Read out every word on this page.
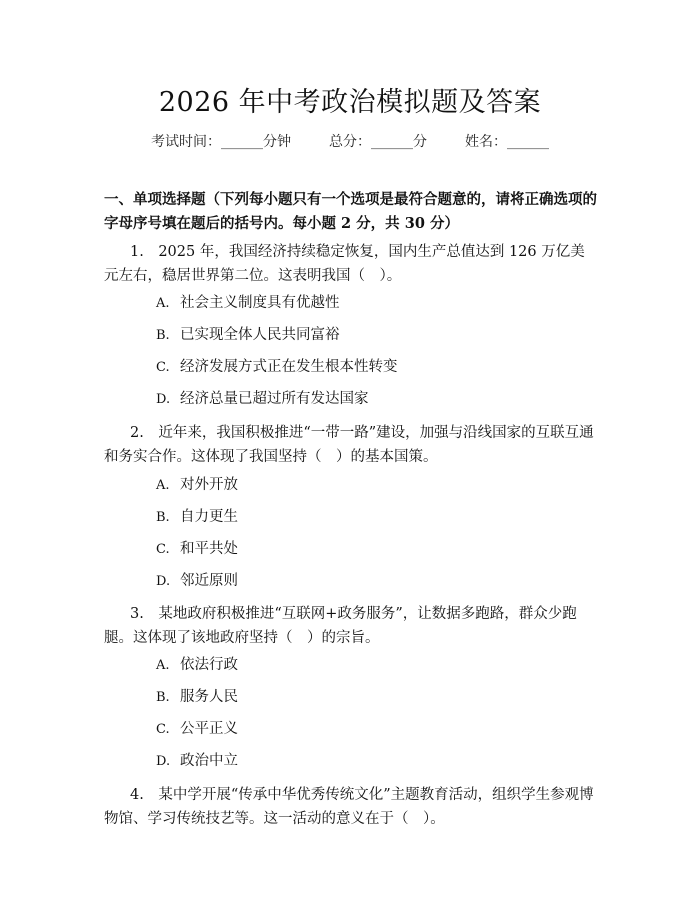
2026 年中考政治模拟题及答案
考试时间：______分钟	总分：______分	姓名：______
一、单项选择题（下列每小题只有一个选项是最符合题意的，请将正确选项的字母序号填在题后的括号内。每小题 2 分，共 30 分）
1.　2025 年，我国经济持续稳定恢复，国内生产总值达到 126 万亿美元左右，稳居世界第二位。这表明我国（　）。
A. 社会主义制度具有优越性
B. 已实现全体人民共同富裕
C. 经济发展方式正在发生根本性转变
D. 经济总量已超过所有发达国家
2.　近年来，我国积极推进“一带一路”建设，加强与沿线国家的互联互通和务实合作。这体现了我国坚持（　）的基本国策。
A. 对外开放
B. 自力更生
C. 和平共处
D. 邻近原则
3.　某地政府积极推进“互联网+政务服务”，让数据多跑路，群众少跑腿。这体现了该地政府坚持（　）的宗旨。
A. 依法行政
B. 服务人民
C. 公平正义
D. 政治中立
4.　某中学开展“传承中华优秀传统文化”主题教育活动，组织学生参观博物馆、学习传统技艺等。这一活动的意义在于（　）。
